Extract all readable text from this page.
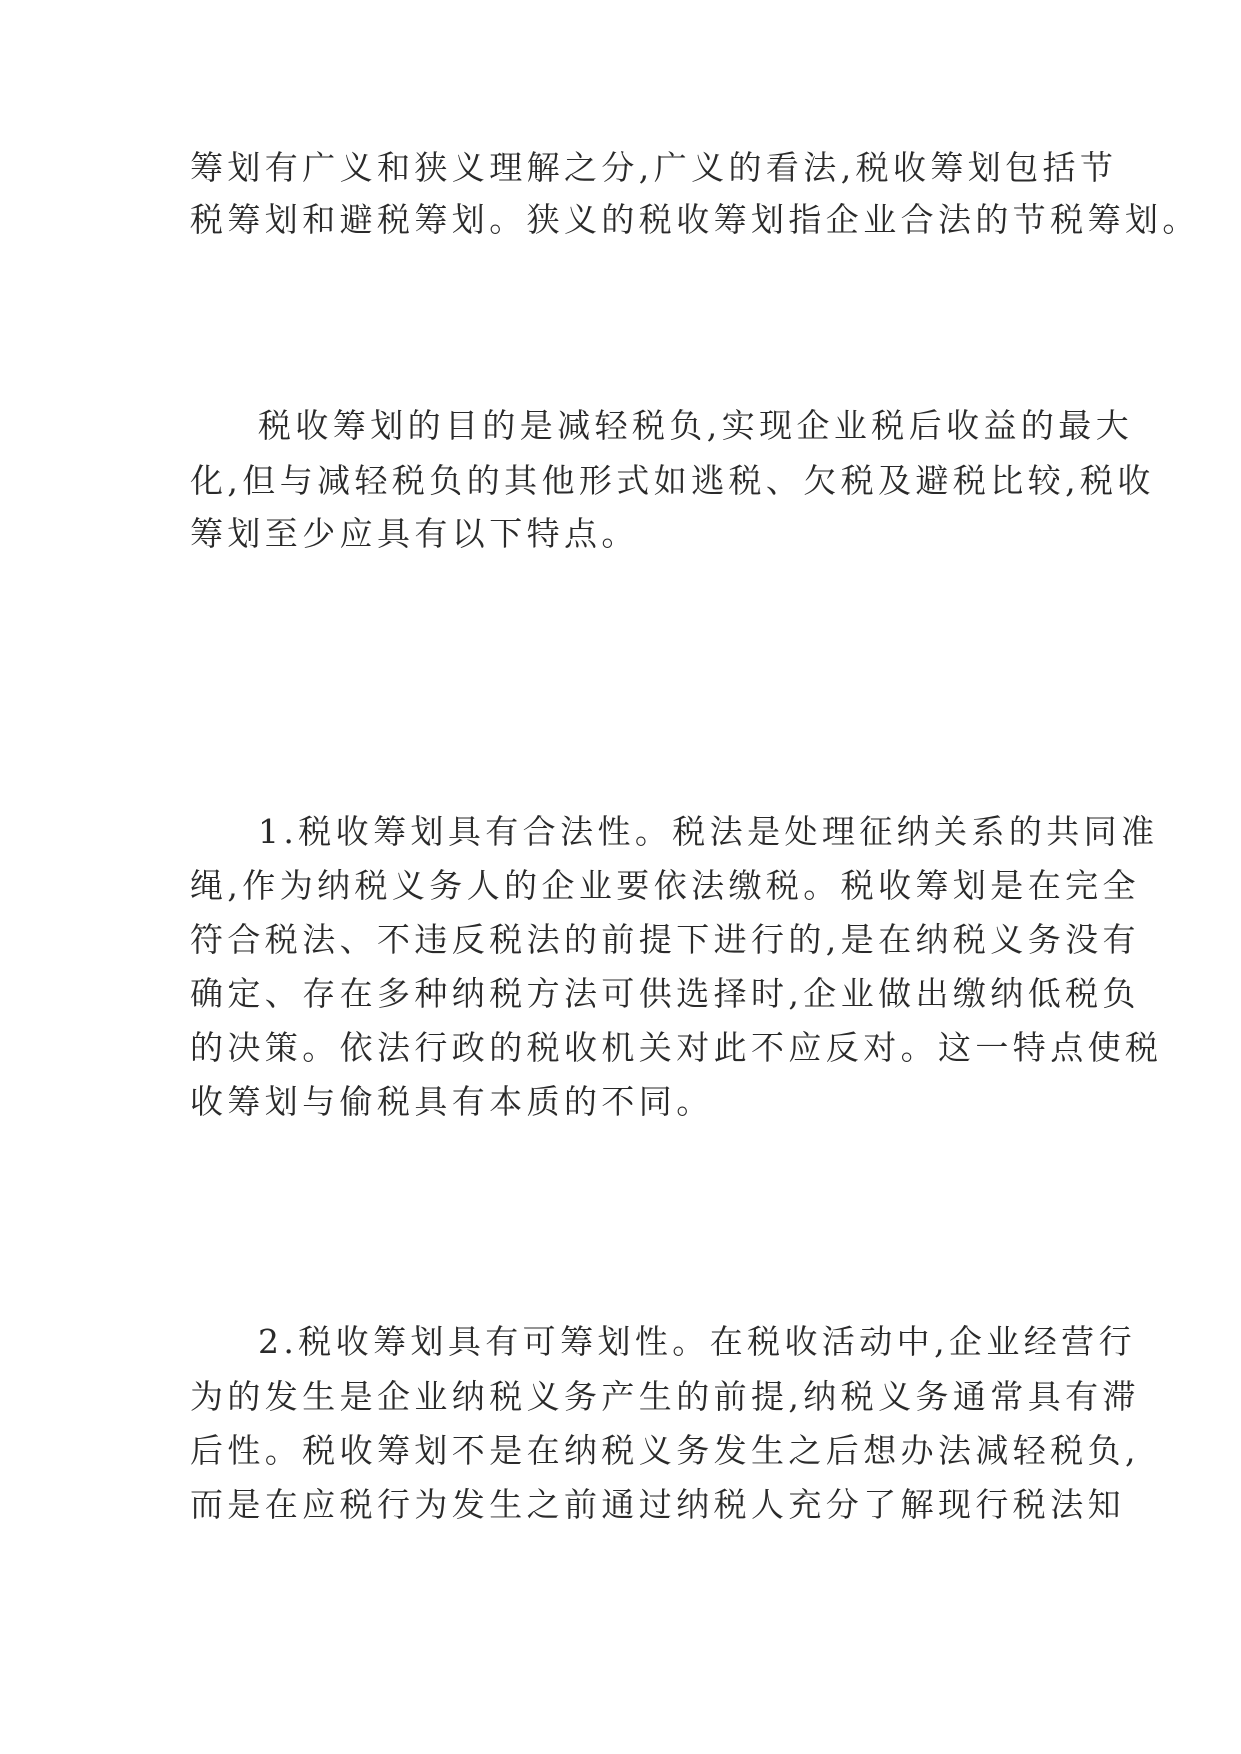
筹划有广义和狭义理解之分,广义的看法,税收筹划包括节
税筹划和避税筹划。狭义的税收筹划指企业合法的节税筹划。
税收筹划的目的是减轻税负,实现企业税后收益的最大
化,但与减轻税负的其他形式如逃税、欠税及避税比较,税收
筹划至少应具有以下特点。
1.税收筹划具有合法性。税法是处理征纳关系的共同准
绳,作为纳税义务人的企业要依法缴税。税收筹划是在完全
符合税法、不违反税法的前提下进行的,是在纳税义务没有
确定、存在多种纳税方法可供选择时,企业做出缴纳低税负
的决策。依法行政的税收机关对此不应反对。这一特点使税
收筹划与偷税具有本质的不同。
2.税收筹划具有可筹划性。在税收活动中,企业经营行
为的发生是企业纳税义务产生的前提,纳税义务通常具有滞
后性。税收筹划不是在纳税义务发生之后想办法减轻税负,
而是在应税行为发生之前通过纳税人充分了解现行税法知
